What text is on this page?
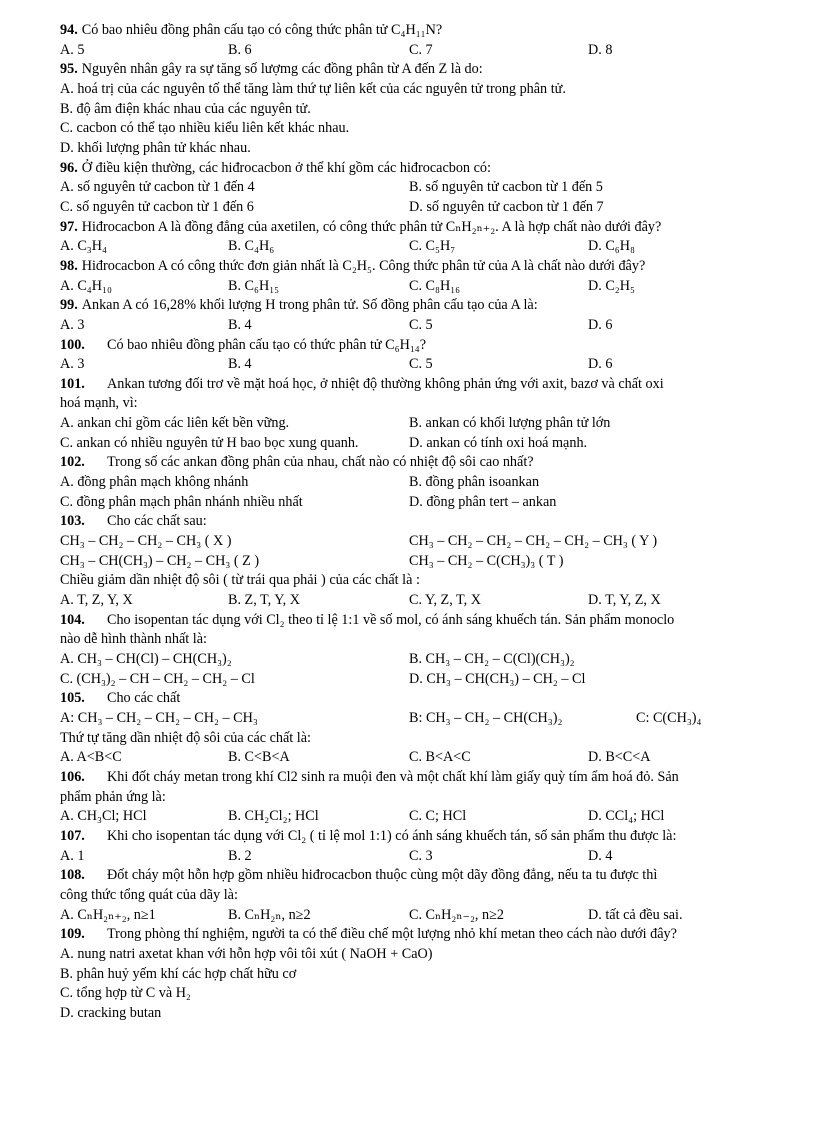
94. Có bao nhiêu đồng phân cấu tạo có công thức phân tử C₄H₁₁N?
A. 5	B. 6	C. 7	D. 8
95. Nguyên nhân gây ra sự tăng số lượmg các đồng phân từ A đến Z là do:
A. hoá trị của các nguyên tố thể tăng làm thứ tự liên kết của các nguyên tử trong phân tử.
B. độ âm điện khác nhau của các nguyên tử.
C. cacbon có thể tạo nhiều kiểu liên kết khác nhau.
D. khối lượng phân tử khác nhau.
96. Ở điều kiện thường, các hiđrocacbon ở thể khí gồm các hiđrocacbon có:
A. số nguyên tử cacbon từ 1 đến 4	B. số nguyên tử cacbon từ 1 đến 5
C. số nguyên tử cacbon từ 1 đến 6	D. số nguyên tử cacbon từ 1 đến 7
97. Hiđrocacbon A là đồng đẳng của axetilen, có công thức phân tử CₙH₂ₙ₊₂. A là hợp chất nào dưới đây?
A. C₃H₄	B. C₄H₆	C. C₅H₇	D. C₆H₈
98. Hiđrocacbon A có công thức đơn giản nhất là C₂H₅. Công thức phân tử của A là chất nào dưới đây?
A. C₄H₁₀	B. C₆H₁₅	C. C₈H₁₆	D. C₂H₅
99. Ankan A có 16,28% khối lượng H trong phân tử. Số đồng phân cấu tạo của A là:
A. 3	B. 4	C. 5	D. 6
100. Có bao nhiêu đồng phân cấu tạo có thức phân tử C₆H₁₄?
A. 3	B. 4	C. 5	D. 6
101. Ankan tương đối trơ về mặt hoá học, ở nhiệt độ thường không phản ứng với axit, bazơ và chất oxi
hoá mạnh, vì:
A. ankan chỉ gồm các liên kết bền vững.	B. ankan có khối lượng phân tử lớn
C. ankan có nhiều nguyên tử H bao bọc xung quanh.	D. ankan có tính oxi hoá mạnh.
102. Trong số các ankan đồng phân của nhau, chất nào có nhiệt độ sôi cao nhất?
A. đồng phân mạch không nhánh	B. đồng phân isoankan
C. đồng phân mạch phân nhánh nhiều nhất	D. đồng phân tert – ankan
103. Cho các chất sau:
CH₃ – CH₂ – CH₂ – CH₃ ( X )	CH₃ – CH₂ – CH₂ – CH₂ – CH₂ – CH₃ ( Y )
CH₃ – CH(CH₃) – CH₂ – CH₃ ( Z )	CH₃ – CH₂ – C(CH₃)₃ ( T )
Chiều giảm dần nhiệt độ sôi ( từ trái qua phải ) của các chất là :
A. T, Z, Y, X	B. Z, T, Y, X	C. Y, Z, T, X	D. T, Y, Z, X
104. Cho isopentan tác dụng với Cl₂ theo tỉ lệ 1:1 về số mol, có ánh sáng khuếch tán. Sản phẩm monoclo
nào dễ hình thành nhất là:
A. CH₃ – CH(Cl) – CH(CH₃)₂	B. CH₃ – CH₂ – C(Cl)(CH₃)₂
C. (CH₃)₂ – CH – CH₂ – CH₂ – Cl	D. CH₃ – CH(CH₃) – CH₂ – Cl
105. Cho các chất
A: CH₃ – CH₂ – CH₂ – CH₂ – CH₃	B: CH₃ – CH₂ – CH(CH₃)₂	C: C(CH₃)₄
Thứ tự tăng dần nhiệt độ sôi của các chất là:
A. A<B<C	B. C<B<A	C. B<A<C	D. B<C<A
106. Khi đốt cháy metan trong khí Cl2 sinh ra muội đen và một chất khí làm giấy quỳ tím ẩm hoá đỏ. Sản
phẩm phản ứng là:
A. CH₃Cl; HCl	B. CH₂Cl₂; HCl	C. C; HCl	D. CCl₄; HCl
107. Khi cho isopentan tác dụng với Cl₂ ( tỉ lệ mol 1:1) có ánh sáng khuếch tán, số sản phẩm thu được là:
A. 1	B. 2	C. 3	D. 4
108. Đốt cháy một hỗn hợp gồm nhiều hiđrocacbon thuộc cùng một dãy đồng đẳng, nếu ta tu được thì
công thức tổng quát của dãy là:
A. CₙH₂ₙ₊₂, n≥1	B. CₙH₂ₙ, n≥2	C. CₙH₂ₙ₋₂, n≥2	D. tất cả đều sai.
109. Trong phòng thí nghiệm, người ta có thể điều chế một lượng nhỏ khí metan theo cách nào dưới đây?
A. nung natri axetat khan với hỗn hợp vôi tôi xút ( NaOH + CaO)
B. phân huỷ yếm khí các hợp chất hữu cơ
C. tổng hợp từ C và H₂
D. cracking butan
